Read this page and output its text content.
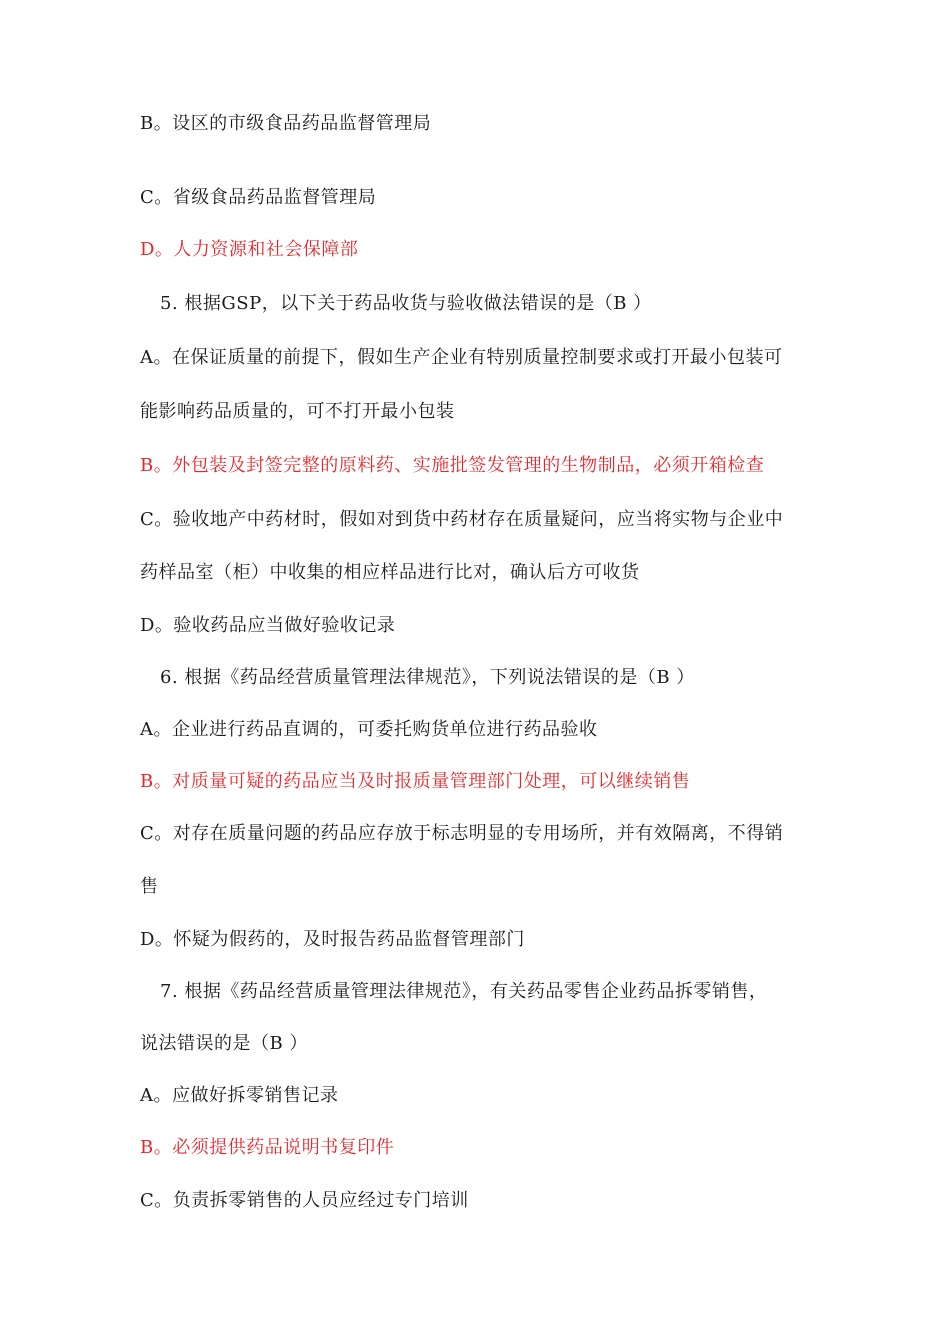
B。设区的市级食品药品监督管理局
C。省级食品药品监督管理局
D。人力资源和社会保障部
5. 根据GSP，以下关于药品收货与验收做法错误的是（B ）
A。在保证质量的前提下，假如生产企业有特别质量控制要求或打开最小包装可
能影响药品质量的，可不打开最小包装
B。外包装及封签完整的原料药、实施批签发管理的生物制品，必须开箱检查
C。验收地产中药材时，假如对到货中药材存在质量疑问，应当将实物与企业中
药样品室（柜）中收集的相应样品进行比对，确认后方可收货
D。验收药品应当做好验收记录
6. 根据《药品经营质量管理法律规范》，下列说法错误的是（B ）
A。企业进行药品直调的，可委托购货单位进行药品验收
B。对质量可疑的药品应当及时报质量管理部门处理，可以继续销售
C。对存在质量问题的药品应存放于标志明显的专用场所，并有效隔离，不得销
售
D。怀疑为假药的，及时报告药品监督管理部门
7. 根据《药品经营质量管理法律规范》，有关药品零售企业药品拆零销售，
说法错误的是（B ）
A。应做好拆零销售记录
B。必须提供药品说明书复印件
C。负责拆零销售的人员应经过专门培训
